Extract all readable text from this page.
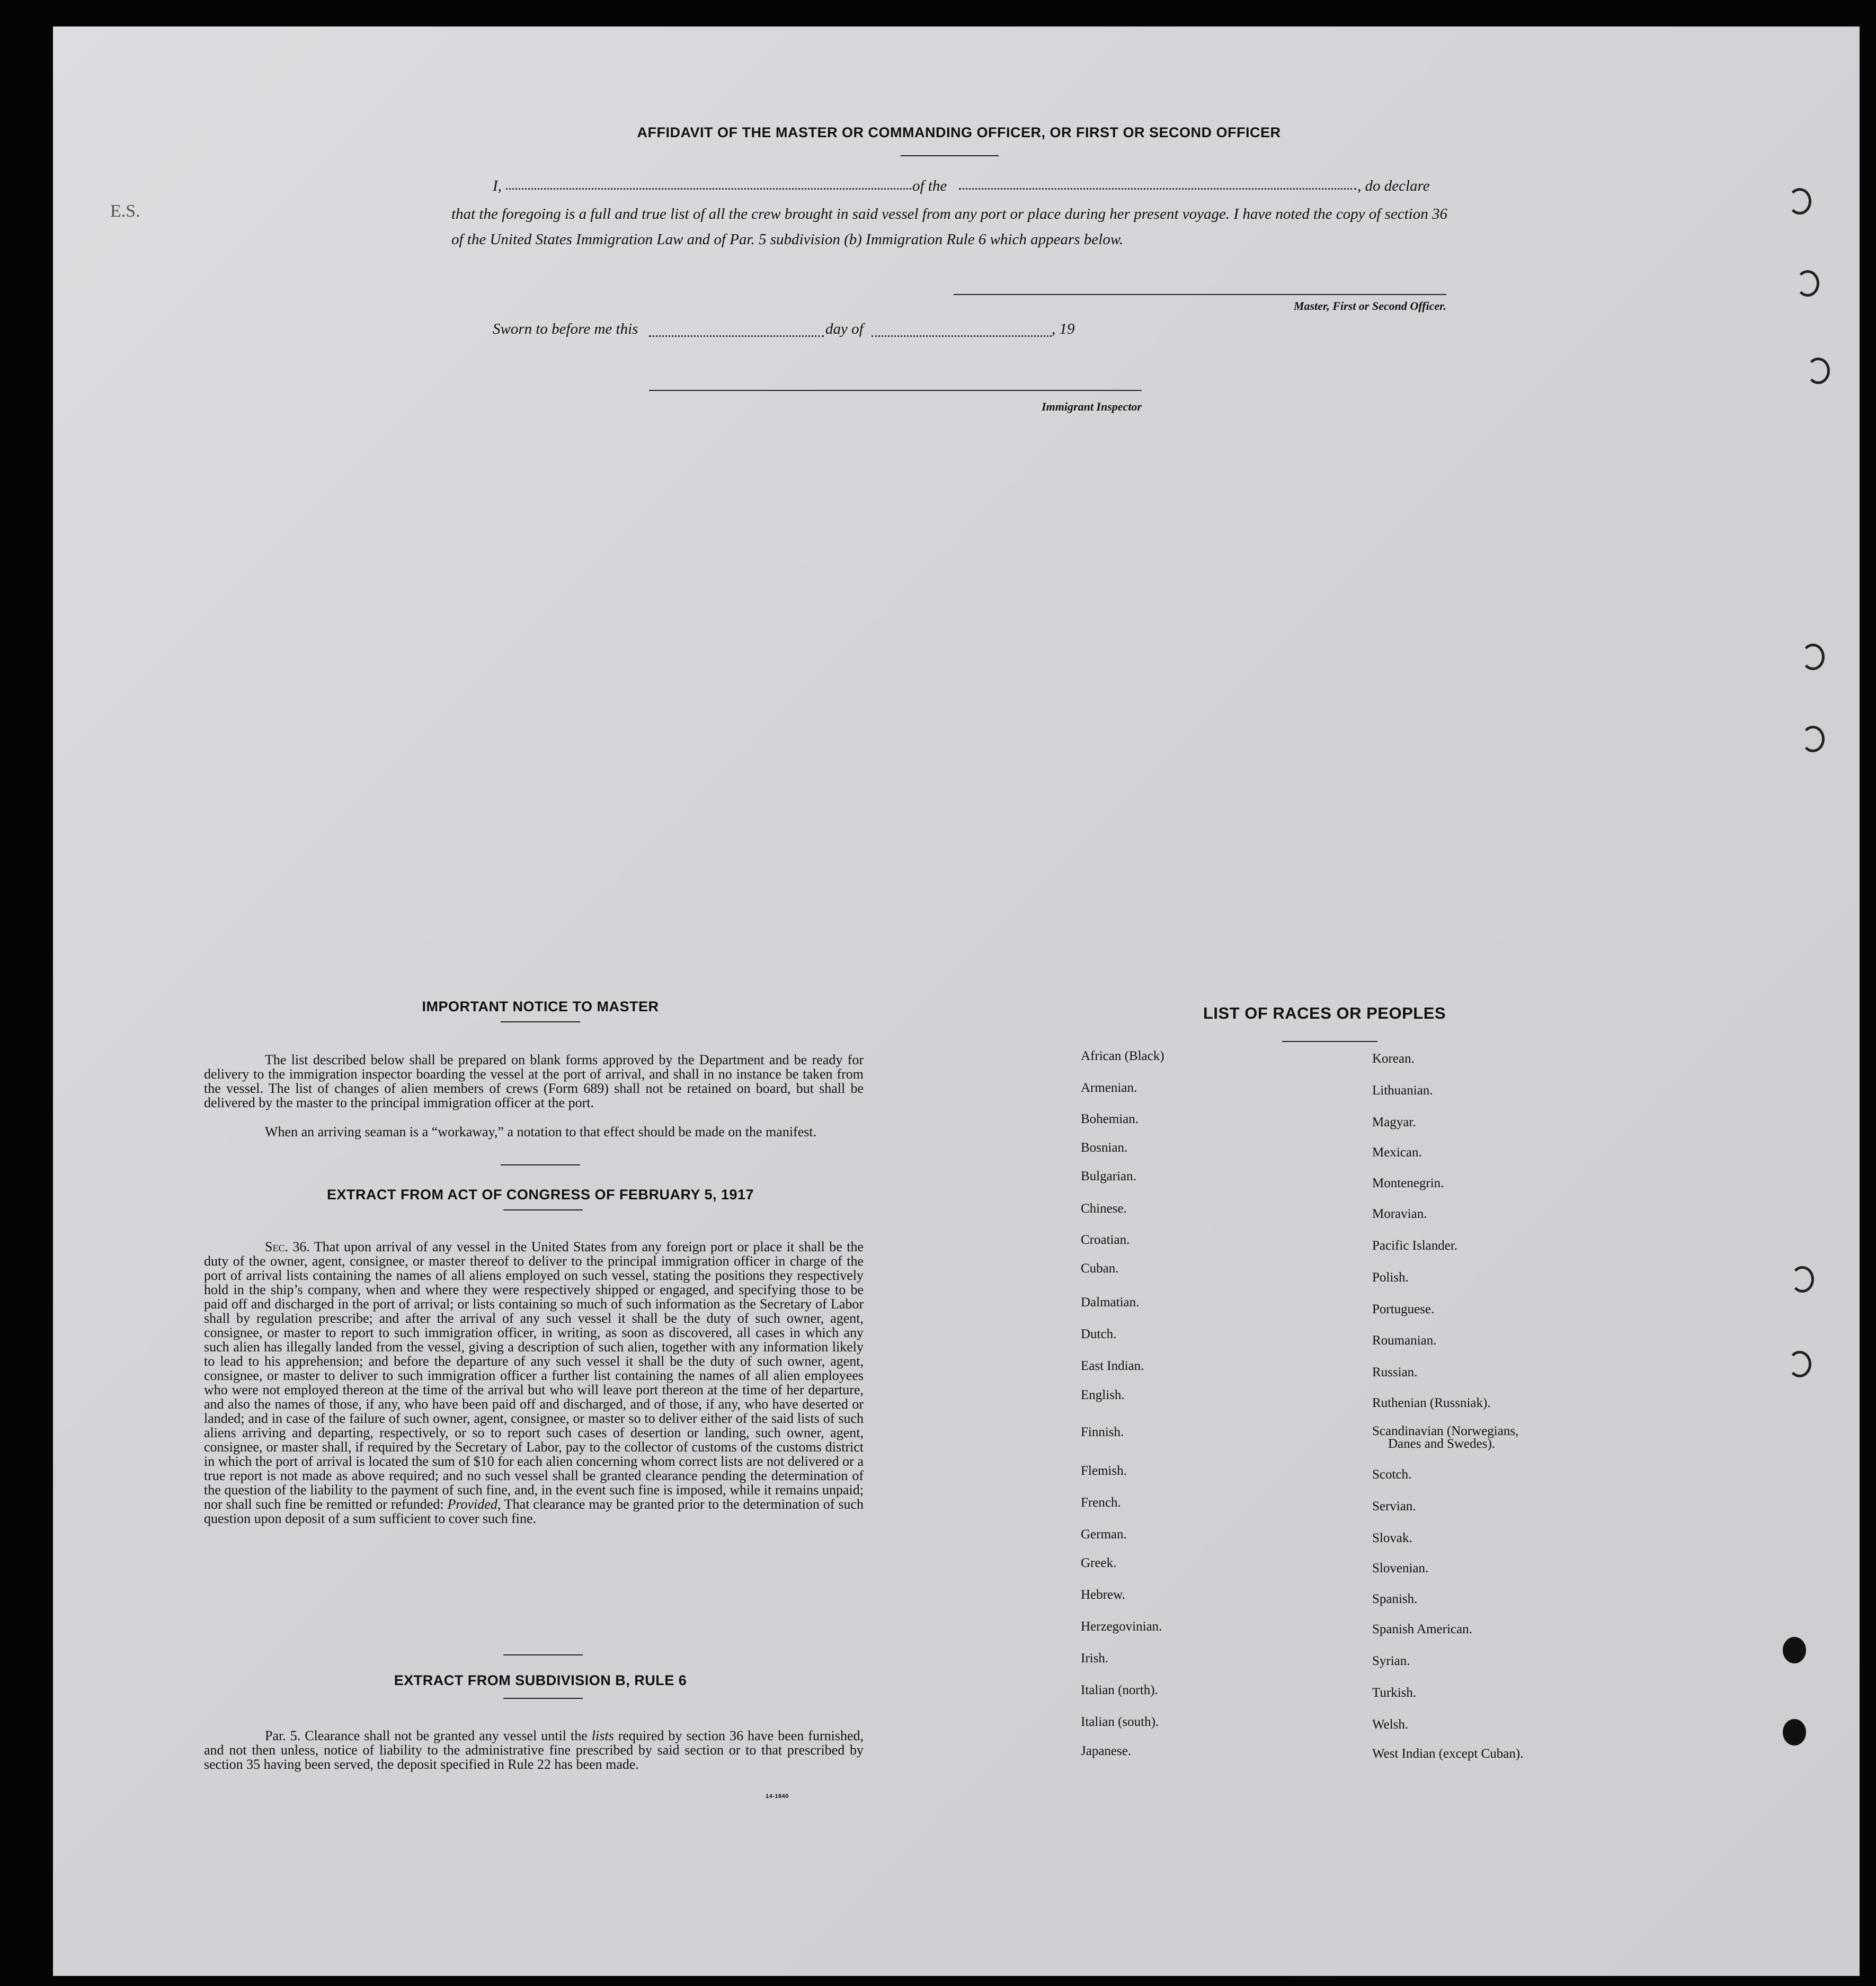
E.S.
AFFIDAVIT OF THE MASTER OR COMMANDING OFFICER, OR FIRST OR SECOND OFFICER
I,	of the	, do declare
that the foregoing is a full and true list of all the crew brought in said vessel from any port or place during her present voyage. I have noted the copy of section 36 of the United States Immigration Law and of Par. 5 subdivision (b) Immigration Rule 6 which appears below.
Master, First or Second Officer.
Sworn to before me this	day of	, 19
Immigrant Inspector
IMPORTANT NOTICE TO MASTER
The list described below shall be prepared on blank forms approved by the Department and be ready for delivery to the immigration inspector boarding the vessel at the port of arrival, and shall in no instance be taken from the vessel. The list of changes of alien members of crews (Form 689) shall not be retained on board, but shall be delivered by the master to the principal immigration officer at the port.
When an arriving seaman is a “workaway,” a notation to that effect should be made on the manifest.
EXTRACT FROM ACT OF CONGRESS OF FEBRUARY 5, 1917
Sec. 36. That upon arrival of any vessel in the United States from any foreign port or place it shall be the duty of the owner, agent, consignee, or master thereof to deliver to the principal immigration officer in charge of the port of arrival lists containing the names of all aliens employed on such vessel, stating the positions they respectively hold in the ship’s company, when and where they were respectively shipped or engaged, and specifying those to be paid off and discharged in the port of arrival; or lists containing so much of such information as the Secretary of Labor shall by regulation prescribe; and after the arrival of any such vessel it shall be the duty of such owner, agent, consignee, or master to report to such immigration officer, in writing, as soon as discovered, all cases in which any such alien has illegally landed from the vessel, giving a description of such alien, together with any information likely to lead to his apprehension; and before the departure of any such vessel it shall be the duty of such owner, agent, consignee, or master to deliver to such immigration officer a further list containing the names of all alien employees who were not employed thereon at the time of the arrival but who will leave port thereon at the time of her departure, and also the names of those, if any, who have been paid off and discharged, and of those, if any, who have deserted or landed; and in case of the failure of such owner, agent, consignee, or master so to deliver either of the said lists of such aliens arriving and departing, respectively, or so to report such cases of desertion or landing, such owner, agent, consignee, or master shall, if required by the Secretary of Labor, pay to the collector of customs of the customs district in which the port of arrival is located the sum of $10 for each alien concerning whom correct lists are not delivered or a true report is not made as above required; and no such vessel shall be granted clearance pending the determination of the question of the liability to the payment of such fine, and, in the event such fine is imposed, while it remains unpaid; nor shall such fine be remitted or refunded: Provided, That clearance may be granted prior to the determination of such question upon deposit of a sum sufficient to cover such fine.
EXTRACT FROM SUBDIVISION B, RULE 6
Par. 5. Clearance shall not be granted any vessel until the lists required by section 36 have been furnished, and not then unless, notice of liability to the administrative fine prescribed by said section or to that prescribed by section 35 having been served, the deposit specified in Rule 22 has been made.
14-1840
LIST OF RACES OR PEOPLES
African (Black)
Armenian.
Bohemian.
Bosnian.
Bulgarian.
Chinese.
Croatian.
Cuban.
Dalmatian.
Dutch.
East Indian.
English.
Finnish.
Flemish.
French.
German.
Greek.
Hebrew.
Herzegovinian.
Irish.
Italian (north).
Italian (south).
Japanese.
Korean.
Lithuanian.
Magyar.
Mexican.
Montenegrin.
Moravian.
Pacific Islander.
Polish.
Portuguese.
Roumanian.
Russian.
Ruthenian (Russniak).
Scandinavian (Norwegians,
Danes and Swedes).
Scotch.
Servian.
Slovak.
Slovenian.
Spanish.
Spanish American.
Syrian.
Turkish.
Welsh.
West Indian (except Cuban).
